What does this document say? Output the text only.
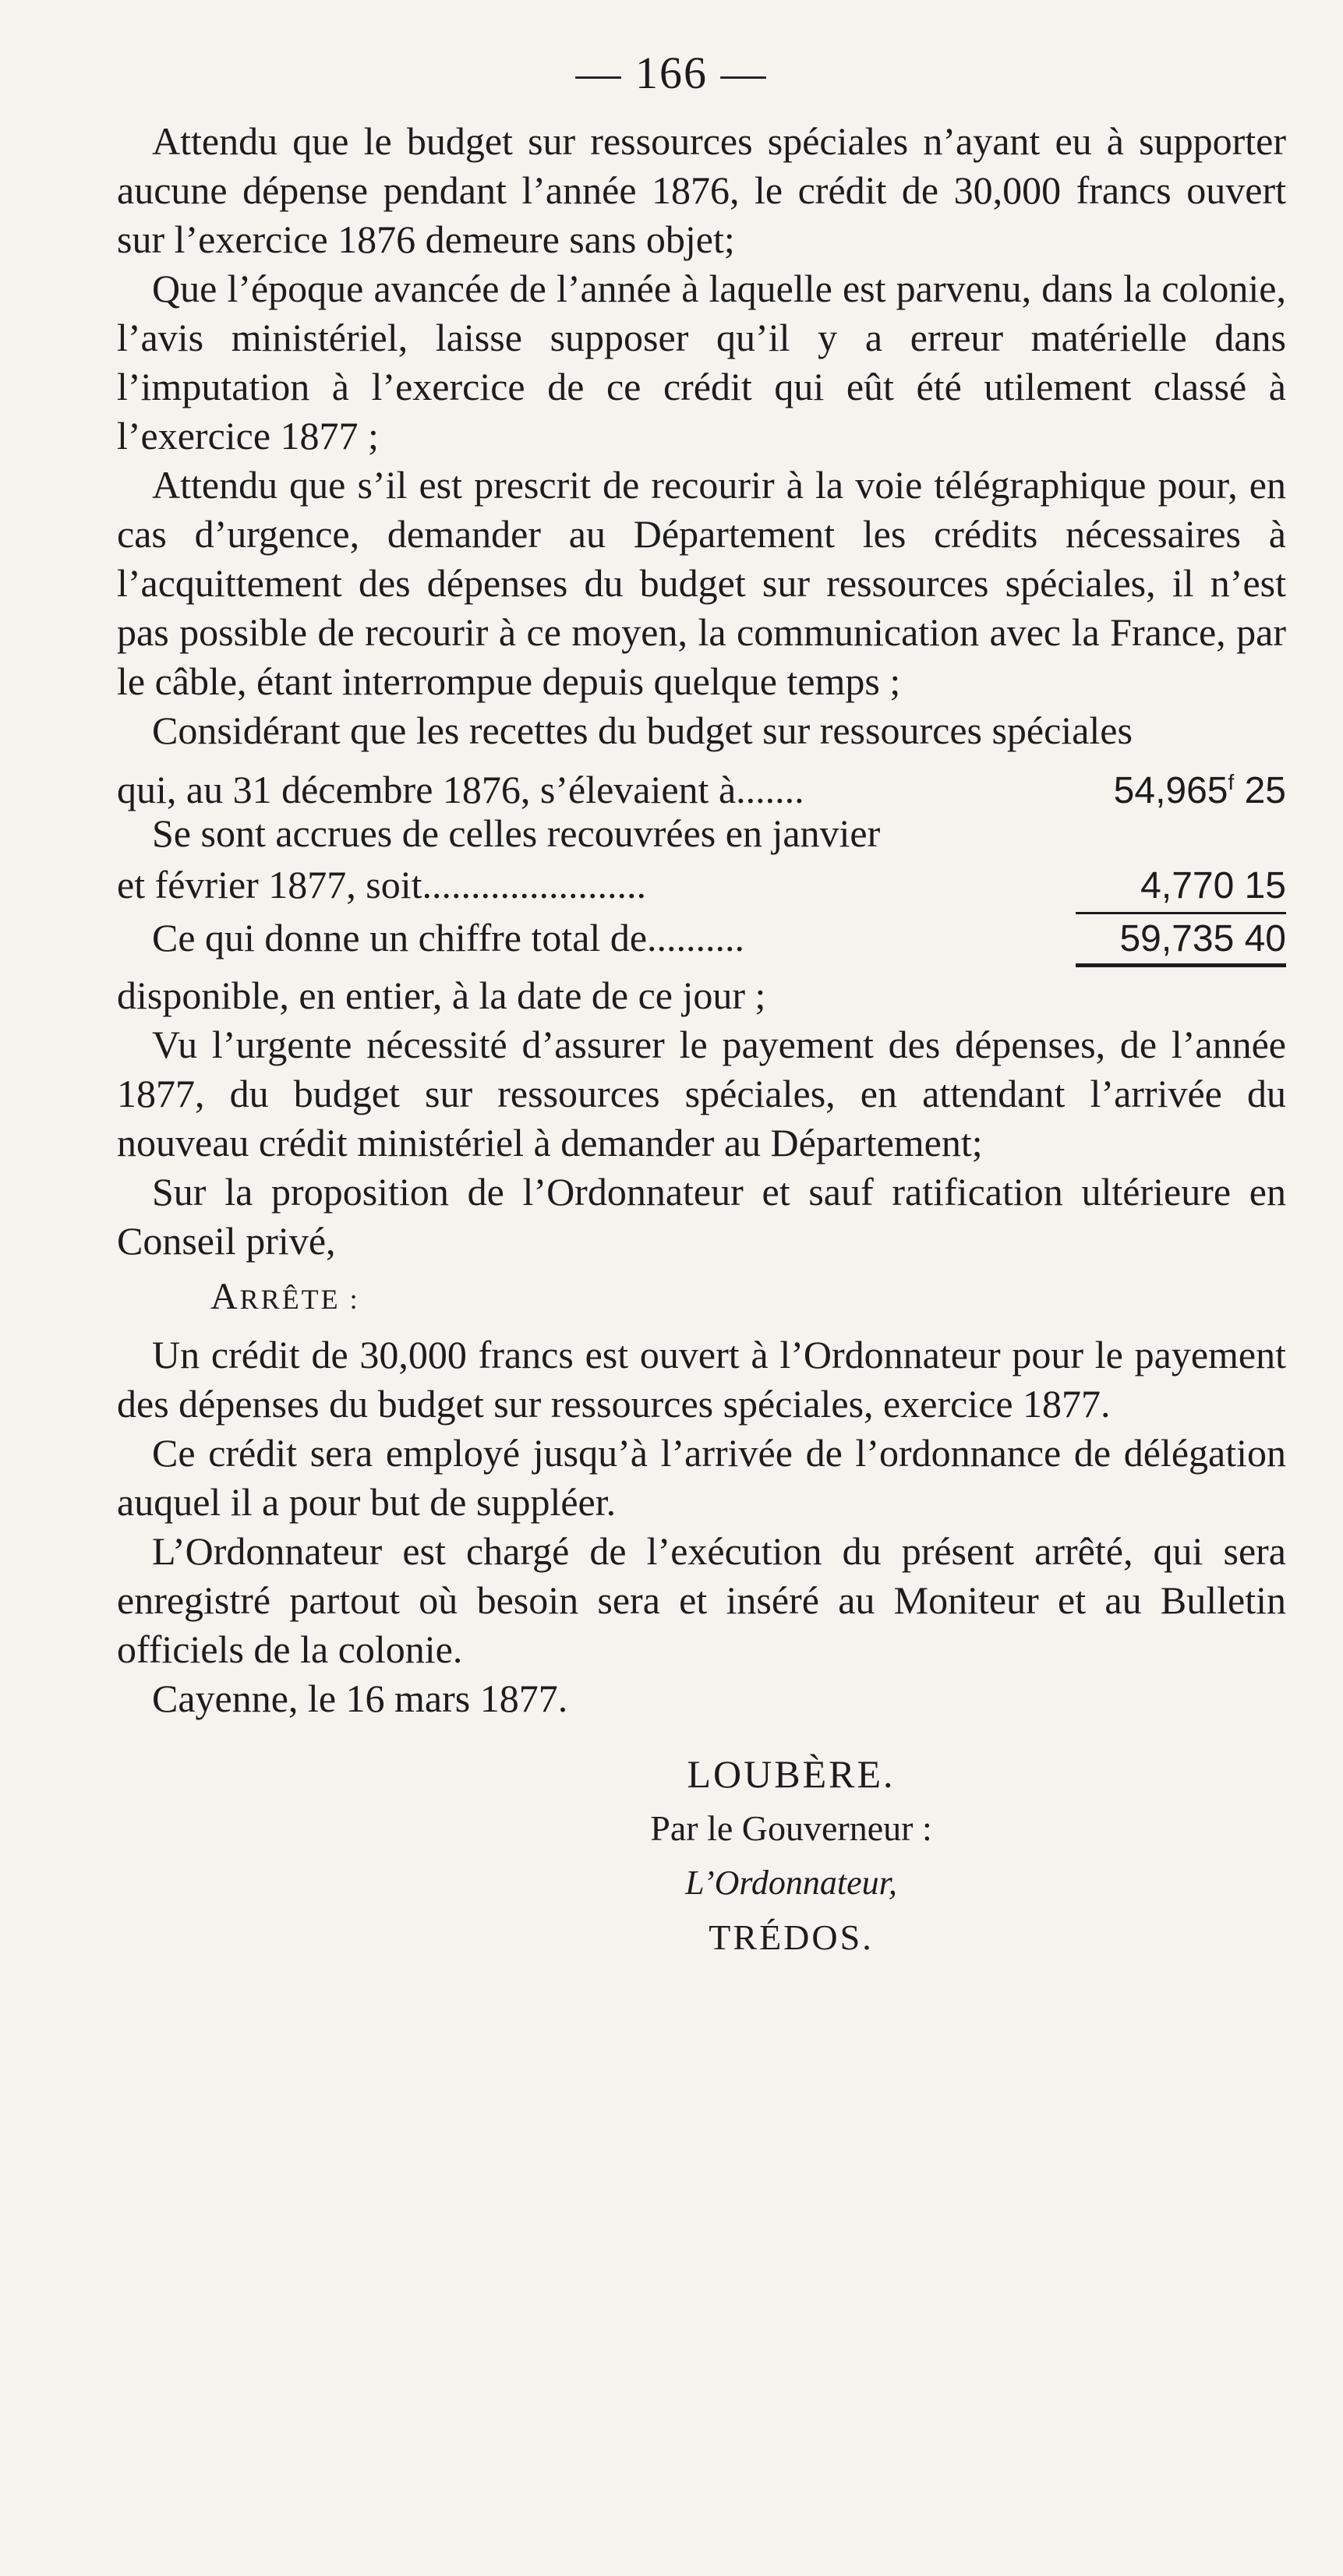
— 166 —

Attendu que le budget sur ressources spéciales n’ayant eu à supporter aucune dépense pendant l’année 1876, le crédit de 30,000 francs ouvert sur l’exercice 1876 demeure sans objet;

Que l’époque avancée de l’année à laquelle est parvenu, dans la colonie, l’avis ministériel, laisse supposer qu’il y a erreur matérielle dans l’imputation à l’exercice de ce crédit qui eût été utilement classé à l’exercice 1877 ;

Attendu que s’il est prescrit de recourir à la voie télégraphique pour, en cas d’urgence, demander au Département les crédits nécessaires à l’acquittement des dépenses du budget sur ressources spéciales, il n’est pas possible de recourir à ce moyen, la communication avec la France, par le câble, étant interrompue depuis quelque temps ;

Considérant que les recettes du budget sur ressources spéciales
qui, au 31 décembre 1876, s’élevaient à.......	54,965$^f$ 25
Se sont accrues de celles recouvrées en janvier
et février 1877, soit.......................	4,770 15
Ce qui donne un chiffre total de..........	59,735 40

disponible, en entier, à la date de ce jour ;

Vu l’urgente nécessité d’assurer le payement des dépenses, de l’année 1877, du budget sur ressources spéciales, en attendant l’arrivée du nouveau crédit ministériel à demander au Département;

Sur la proposition de l’Ordonnateur et sauf ratification ultérieure en Conseil privé,

ARRÊTE :

Un crédit de 30,000 francs est ouvert à l’Ordonnateur pour le payement des dépenses du budget sur ressources spéciales, exercice 1877.

Ce crédit sera employé jusqu’à l’arrivée de l’ordonnance de délégation auquel il a pour but de suppléer.

L’Ordonnateur est chargé de l’exécution du présent arrêté, qui sera enregistré partout où besoin sera et inséré au Moniteur et au Bulletin officiels de la colonie.

Cayenne, le 16 mars 1877.

LOUBÈRE.
Par le Gouverneur :
L’Ordonnateur,
TRÉDOS.
